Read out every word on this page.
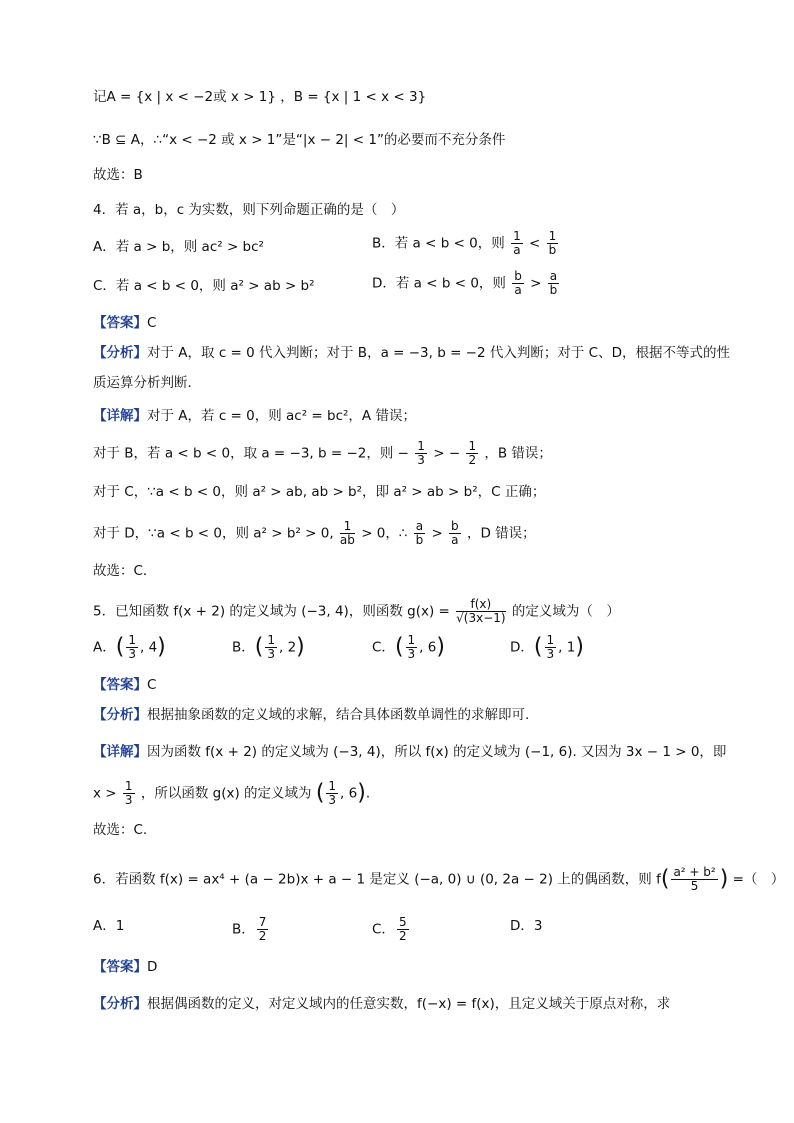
记A = {x | x < −2或 x > 1} ，B = {x | 1 < x < 3}
∵B ⊆ A，∴“x < −2 或 x > 1”是“|x − 2| < 1”的必要而不充分条件
故选：B
4．若 a，b，c 为实数，则下列命题正确的是（　）
A．若 a > b，则 ac² > bc²	B．若 a < b < 0，则 $\frac{1}{a} < \frac{1}{b}$
C．若 a < b < 0，则 a² > ab > b²	D．若 a < b < 0，则 $\frac{b}{a} > \frac{a}{b}$
【答案】C
【分析】对于 A，取 c = 0 代入判断；对于 B，a = −3, b = −2 代入判断；对于 C、D，根据不等式的性
质运算分析判断．
【详解】对于 A，若 c = 0，则 ac² = bc²，A 错误；
对于 B，若 a < b < 0，取 a = −3, b = −2，则 − $\frac{1}{3}$ > − $\frac{1}{2}$ ，B 错误；
对于 C，∵a < b < 0，则 a² > ab, ab > b²，即 a² > ab > b²，C 正确；
对于 D，∵a < b < 0，则 a² > b² > 0, $\frac{1}{ab} > 0$，∴ $\frac{a}{b} > \frac{b}{a}$ ，D 错误；
故选：C．
5．已知函数 f(x + 2) 的定义域为 (−3, 4)，则函数 $g(x) = \frac{f(x)}{√(3x-1)}$ 的定义域为（　）
A．( $\frac{1}{3}$ , 4)	B．( $\frac{1}{3}$ , 2)	C．( $\frac{1}{3}$ , 6)	D．( $\frac{1}{3}$ , 1)
【答案】C
【分析】根据抽象函数的定义域的求解，结合具体函数单调性的求解即可.
【详解】因为函数 f(x + 2) 的定义域为 (−3, 4)，所以 f(x) 的定义域为 (−1, 6). 又因为 3x − 1 > 0，即
$x > \frac{1}{3}$ ，所以函数 g(x) 的定义域为 ( $\frac{1}{3}$ , 6).
故选：C.
6．若函数 f(x) = ax⁴ + (a − 2b)x + a − 1 是定义 (−a, 0) ∪ (0, 2a − 2) 上的偶函数，则 $f( \frac{\text{a² + b²}}{5}$ ) =（　）
A．1	B． $\frac{7}{2}$	C． $\frac{5}{2}$	D．3
【答案】D
【分析】根据偶函数的定义，对定义域内的任意实数，f(−x) = f(x)，且定义域关于原点对称，求
